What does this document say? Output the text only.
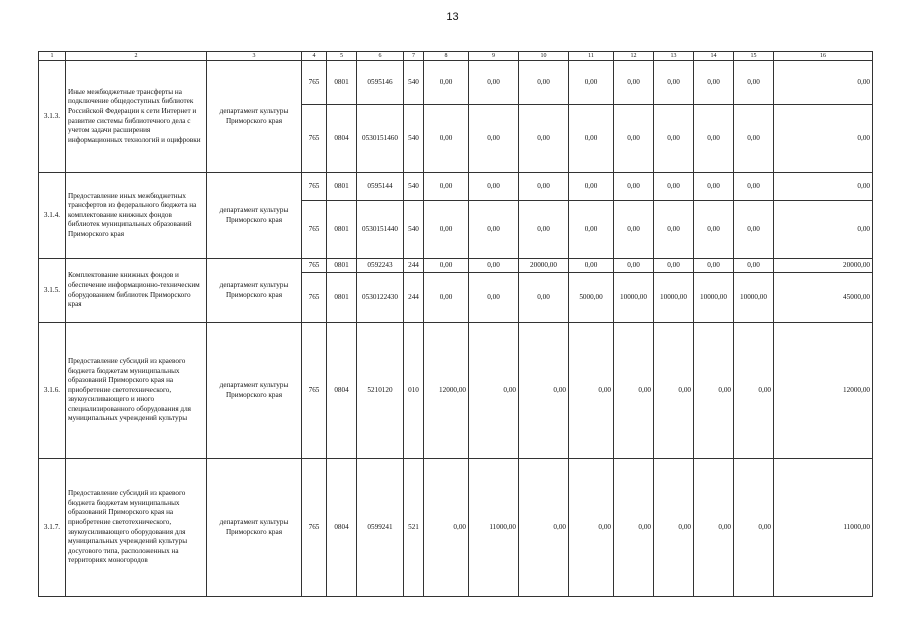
13
1	2	3	4	5	6	7	8	9	10	11	12	13	14	15	16
3.1.3.	Иные межбюджетные трансферты на подключение общедоступных библиотек Российской Федерации к сети Интернет и развитие системы библиотечного дела с учетом задачи расширения информационных технологий и оцифровки	департамент культуры Приморского края	765	0801	0595146	540	0,00	0,00	0,00	0,00	0,00	0,00	0,00	0,00	0,00
			765	0804	0530151460	540	0,00	0,00	0,00	0,00	0,00	0,00	0,00	0,00	0,00
3.1.4.	Предоставление иных межбюджетных трансфертов из федерального бюджета на комплектование книжных фондов библиотек муниципальных образований Приморского края	департамент культуры Приморского края	765	0801	0595144	540	0,00	0,00	0,00	0,00	0,00	0,00	0,00	0,00	0,00
			765	0801	0530151440	540	0,00	0,00	0,00	0,00	0,00	0,00	0,00	0,00	0,00
3.1.5.	Комплектование книжных фондов и обеспечение информационно-техническим оборудованием библиотек Приморского края	департамент культуры Приморского края	765	0801	0592243	244	0,00	0,00	20000,00	0,00	0,00	0,00	0,00	0,00	20000,00
			765	0801	0530122430	244	0,00	0,00	0,00	5000,00	10000,00	10000,00	10000,00	10000,00	45000,00
3.1.6.	Предоставление субсидий из краевого бюджета бюджетам муниципальных образований Приморского края на приобретение светотехнического, звукоусиливающего и иного специализированного оборудования для муниципальных учреждений культуры	департамент культуры Приморского края	765	0804	5210120	010	12000,00	0,00	0,00	0,00	0,00	0,00	0,00	0,00	12000,00
3.1.7.	Предоставление субсидий из краевого бюджета бюджетам муниципальных образований Приморского края на приобретение светотехнического, звукоусиливающего оборудования для муниципальных учреждений культуры досугового типа, расположенных на территориях моногородов	департамент культуры Приморского края	765	0804	0599241	521	0,00	11000,00	0,00	0,00	0,00	0,00	0,00	0,00	11000,00
